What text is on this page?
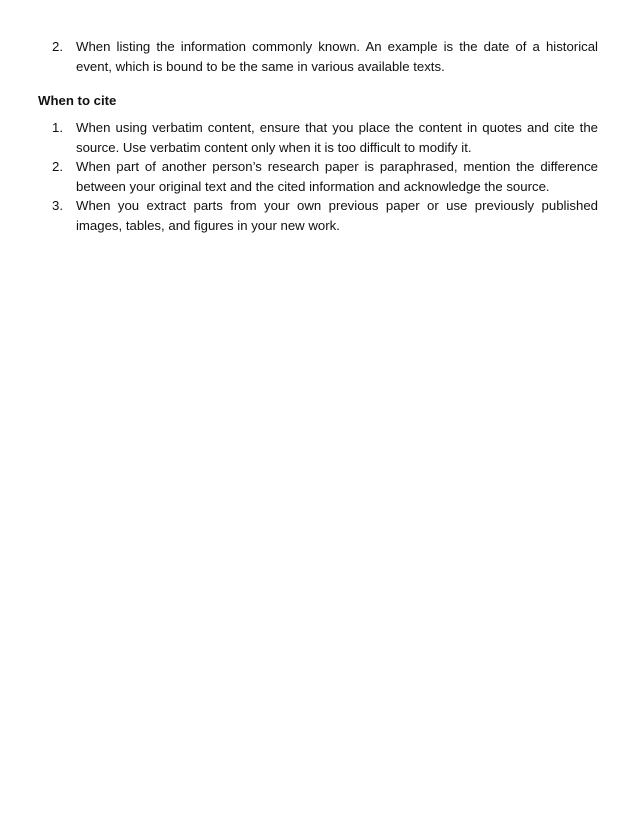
2. When listing the information commonly known. An example is the date of a historical event, which is bound to be the same in various available texts.
When to cite
1. When using verbatim content, ensure that you place the content in quotes and cite the source. Use verbatim content only when it is too difficult to modify it.
2. When part of another person’s research paper is paraphrased, mention the difference between your original text and the cited information and acknowledge the source.
3. When you extract parts from your own previous paper or use previously published images, tables, and figures in your new work.
